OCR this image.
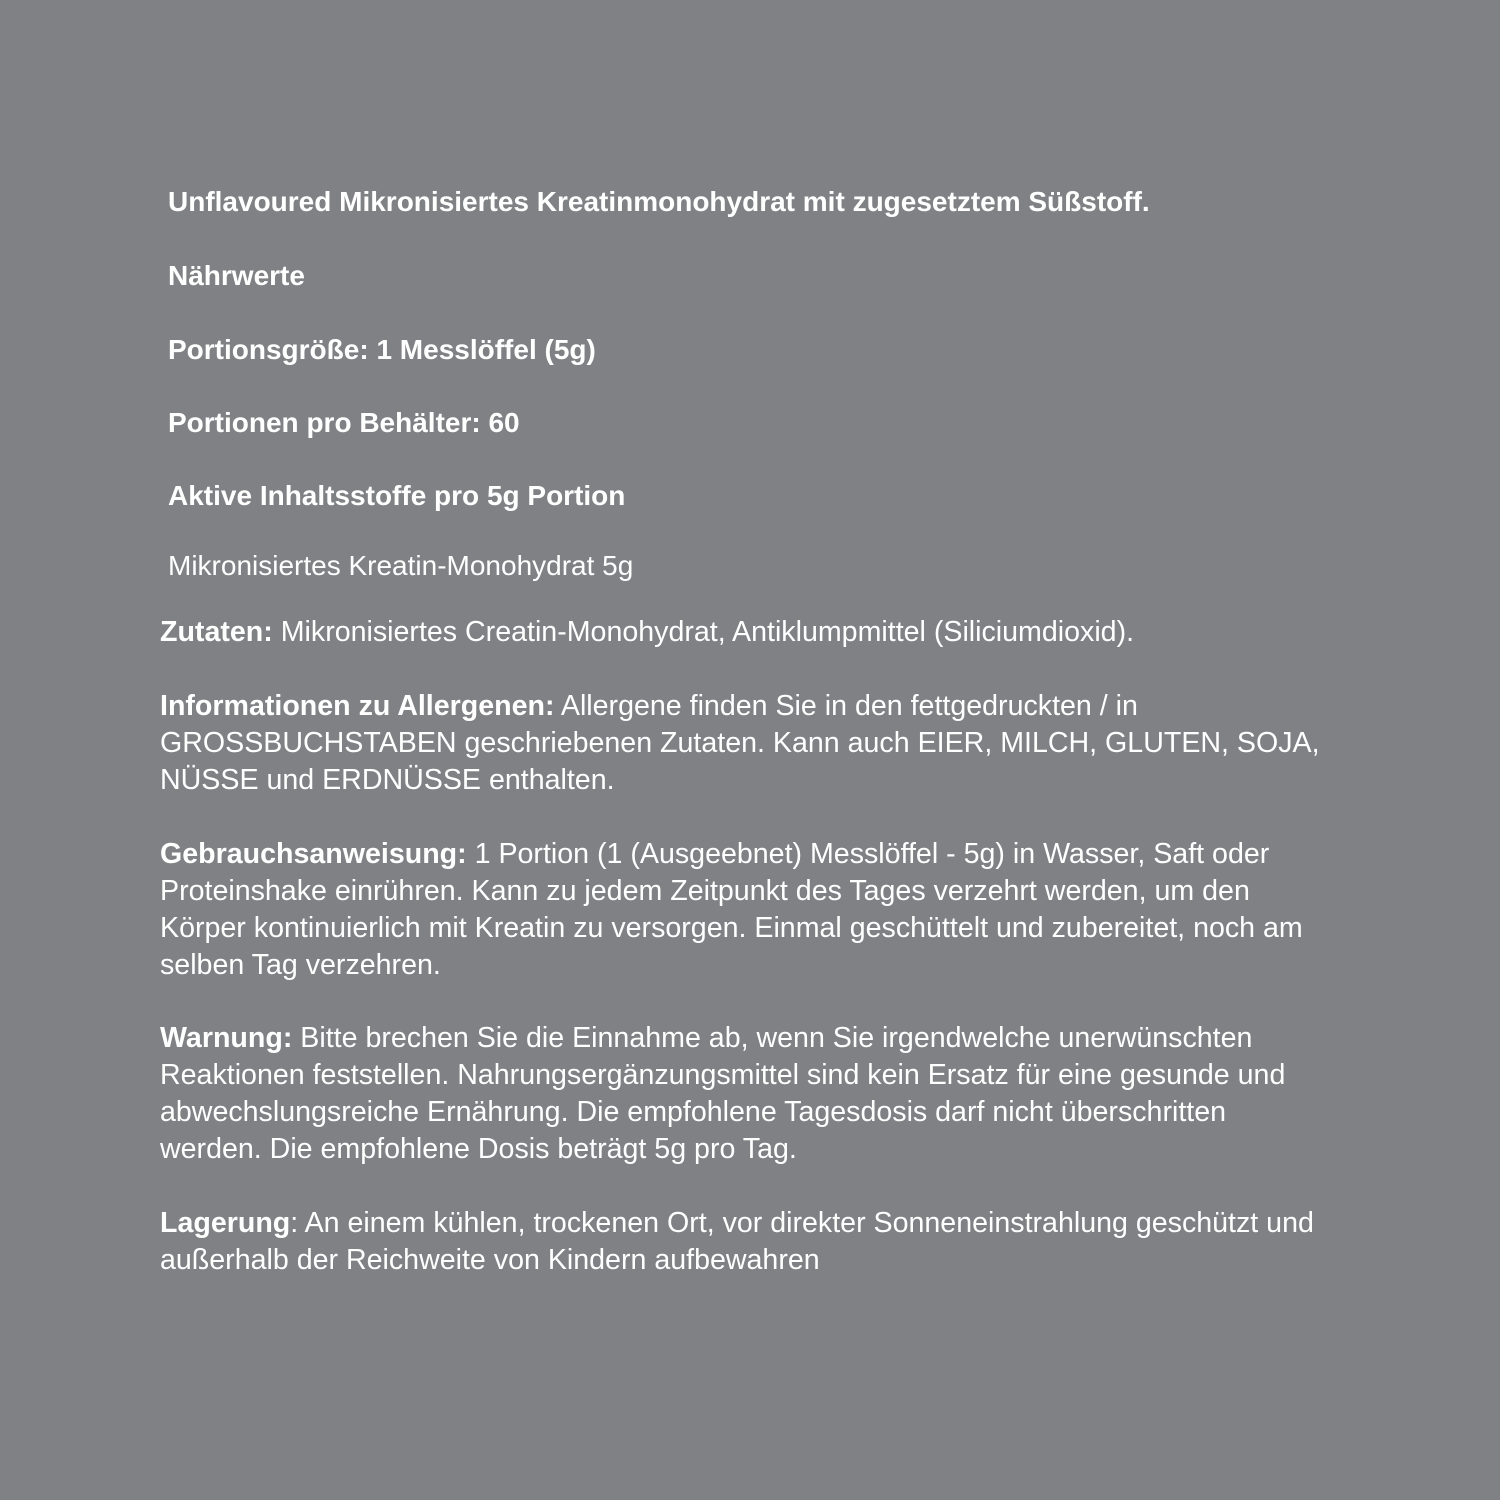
Unflavoured Mikronisiertes Kreatinmonohydrat mit zugesetztem Süßstoff.
Nährwerte
Portionsgröße: 1 Messlöffel (5g)
Portionen pro Behälter: 60
Aktive Inhaltsstoffe pro 5g Portion
Mikronisiertes Kreatin-Monohydrat 5g
Zutaten: Mikronisiertes Creatin-Monohydrat, Antiklumpmittel (Siliciumdioxid).
Informationen zu Allergenen: Allergene finden Sie in den fettgedruckten / in GROSSBUCHSTABEN geschriebenen Zutaten. Kann auch EIER, MILCH, GLUTEN, SOJA, NÜSSE und ERDNÜSSE enthalten.
Gebrauchsanweisung: 1 Portion (1 (Ausgeebnet) Messlöffel - 5g) in Wasser, Saft oder Proteinshake einrühren. Kann zu jedem Zeitpunkt des Tages verzehrt werden, um den Körper kontinuierlich mit Kreatin zu versorgen. Einmal geschüttelt und zubereitet, noch am selben Tag verzehren.
Warnung: Bitte brechen Sie die Einnahme ab, wenn Sie irgendwelche unerwünschten Reaktionen feststellen. Nahrungsergänzungsmittel sind kein Ersatz für eine gesunde und abwechslungsreiche Ernährung. Die empfohlene Tagesdosis darf nicht überschritten werden. Die empfohlene Dosis beträgt 5g pro Tag.
Lagerung: An einem kühlen, trockenen Ort, vor direkter Sonneneinstrahlung geschützt und außerhalb der Reichweite von Kindern aufbewahren
